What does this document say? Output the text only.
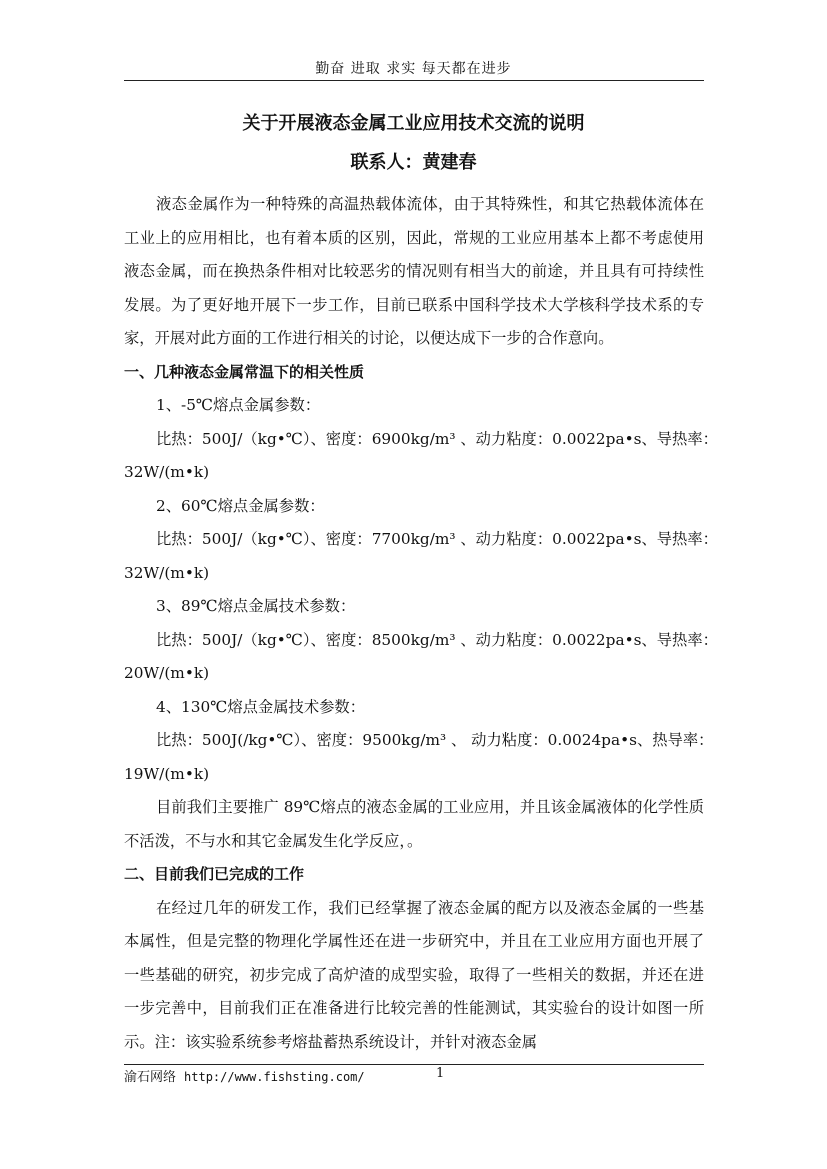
勤奋 进取 求实 每天都在进步
关于开展液态金属工业应用技术交流的说明
联系人：黄建春

液态金属作为一种特殊的高温热载体流体，由于其特殊性，和其它热载体流体在工业上的应用相比，也有着本质的区别，因此，常规的工业应用基本上都不考虑使用液态金属，而在换热条件相对比较恶劣的情况则有相当大的前途，并且具有可持续性发展。为了更好地开展下一步工作，目前已联系中国科学技术大学核科学技术系的专家，开展对此方面的工作进行相关的讨论，以便达成下一步的合作意向。

一、几种液态金属常温下的相关性质

1、-5℃熔点金属参数：

比热：500J/（kg•℃）、密度：6900kg/m³ 、动力粘度：0.0022pa•s、导热率：

32W/(m•k)

2、60℃熔点金属参数：

比热：500J/（kg•℃）、密度：7700kg/m³ 、动力粘度：0.0022pa•s、导热率：

32W/(m•k)

3、89℃熔点金属技术参数：

比热：500J/（kg•℃）、密度：8500kg/m³ 、动力粘度：0.0022pa•s、导热率：

20W/(m•k)

4、130℃熔点金属技术参数：

比热：500J(/kg•℃）、密度：9500kg/m³ 、 动力粘度：0.0024pa•s、热导率：

19W/(m•k)

目前我们主要推广 89℃熔点的液态金属的工业应用，并且该金属液体的化学性质不活泼，不与水和其它金属发生化学反应，。

二、目前我们已完成的工作

在经过几年的研发工作，我们已经掌握了液态金属的配方以及液态金属的一些基本属性，但是完整的物理化学属性还在进一步研究中，并且在工业应用方面也开展了一些基础的研究，初步完成了高炉渣的成型实验，取得了一些相关的数据，并还在进一步完善中，目前我们正在准备进行比较完善的性能测试，其实验台的设计如图一所示。注：该实验系统参考熔盐蓄热系统设计，并针对液态金属

渝石网络 http://www.fishsting.com/	1
